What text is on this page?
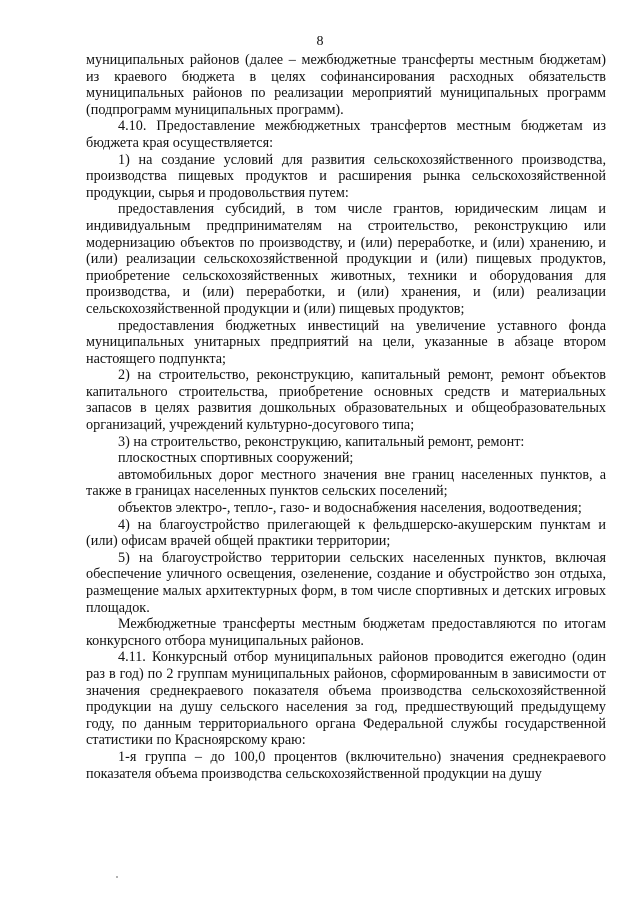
8

муниципальных районов (далее – межбюджетные трансферты местным бюджетам) из краевого бюджета в целях софинансирования расходных обязательств муниципальных районов по реализации мероприятий муниципальных программ (подпрограмм муниципальных программ).

4.10. Предоставление межбюджетных трансфертов местным бюджетам из бюджета края осуществляется:

1) на создание условий для развития сельскохозяйственного производства, производства пищевых продуктов и расширения рынка сельскохозяйственной продукции, сырья и продовольствия путем:

предоставления субсидий, в том числе грантов, юридическим лицам и индивидуальным предпринимателям на строительство, реконструкцию или модернизацию объектов по производству, и (или) переработке, и (или) хранению, и (или) реализации сельскохозяйственной продукции и (или) пищевых продуктов, приобретение сельскохозяйственных животных, техники и оборудования для производства, и (или) переработки, и (или) хранения, и (или) реализации сельскохозяйственной продукции и (или) пищевых продуктов;

предоставления бюджетных инвестиций на увеличение уставного фонда муниципальных унитарных предприятий на цели, указанные в абзаце втором настоящего подпункта;

2) на строительство, реконструкцию, капитальный ремонт, ремонт объектов капитального строительства, приобретение основных средств и материальных запасов в целях развития дошкольных образовательных и общеобразовательных организаций, учреждений культурно-досугового типа;

3) на строительство, реконструкцию, капитальный ремонт, ремонт:

плоскостных спортивных сооружений;

автомобильных дорог местного значения вне границ населенных пунктов, а также в границах населенных пунктов сельских поселений;

объектов электро-, тепло-, газо- и водоснабжения населения, водоотведения;

4) на благоустройство прилегающей к фельдшерско-акушерским пунктам и (или) офисам врачей общей практики территории;

5) на благоустройство территории сельских населенных пунктов, включая обеспечение уличного освещения, озеленение, создание и обустройство зон отдыха, размещение малых архитектурных форм, в том числе спортивных и детских игровых площадок.

Межбюджетные трансферты местным бюджетам предоставляются по итогам конкурсного отбора муниципальных районов.

4.11. Конкурсный отбор муниципальных районов проводится ежегодно (один раз в год) по 2 группам муниципальных районов, сформированным в зависимости от значения среднекраевого показателя объема производства сельскохозяйственной продукции на душу сельского населения за год, предшествующий предыдущему году, по данным территориального органа Федеральной службы государственной статистики по Красноярскому краю:

1-я группа – до 100,0 процентов (включительно) значения среднекраевого показателя объема производства сельскохозяйственной продукции на душу
